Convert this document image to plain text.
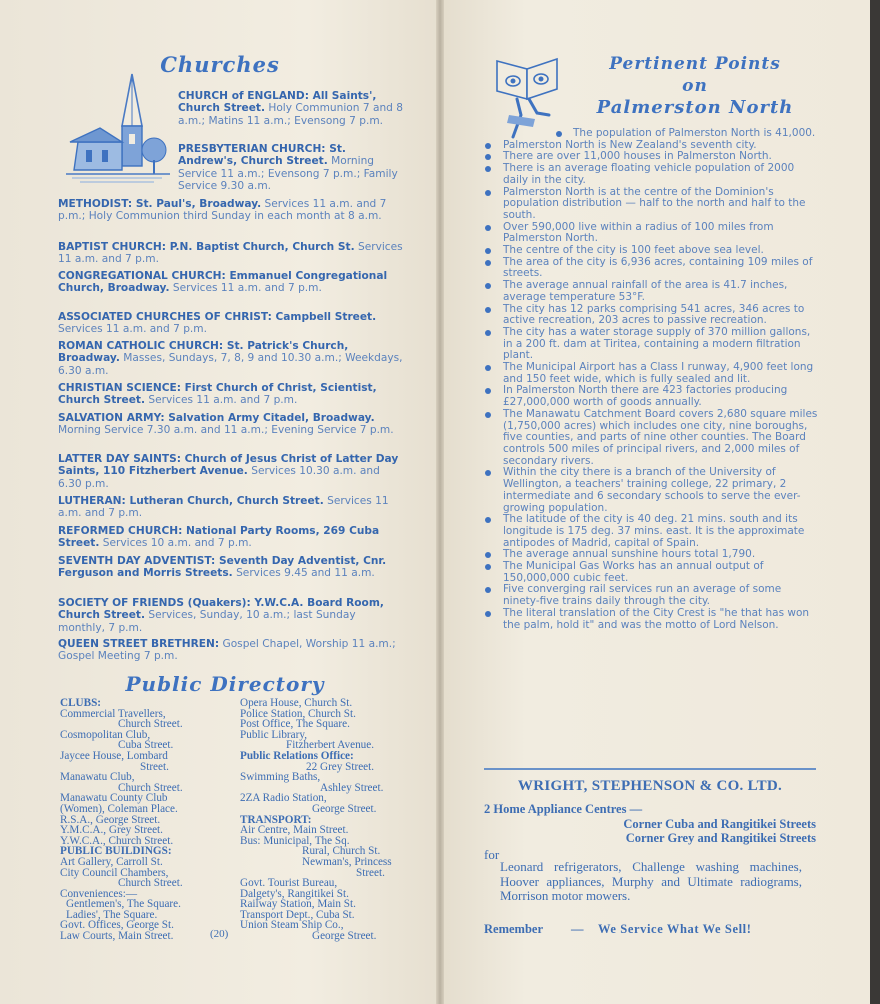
Churches
CHURCH of ENGLAND: All Saints', Church Street. Holy Communion 7 and 8 a.m.; Matins 11 a.m.; Evensong 7 p.m.
PRESBYTERIAN CHURCH: St. Andrew's, Church Street. Morning Service 11 a.m.; Evensong 7 p.m.; Family Service 9.30 a.m.
METHODIST: St. Paul's, Broadway. Services 11 a.m. and 7 p.m.; Holy Communion third Sunday in each month at 8 a.m.
BAPTIST CHURCH: P.N. Baptist Church, Church St. Services 11 a.m. and 7 p.m.
CONGREGATIONAL CHURCH: Emmanuel Congregational Church, Broadway. Services 11 a.m. and 7 p.m.
ASSOCIATED CHURCHES OF CHRIST: Campbell Street. Services 11 a.m. and 7 p.m.
ROMAN CATHOLIC CHURCH: St. Patrick's Church, Broadway. Masses, Sundays, 7, 8, 9 and 10.30 a.m.; Weekdays, 6.30 a.m.
CHRISTIAN SCIENCE: First Church of Christ, Scientist, Church Street. Services 11 a.m. and 7 p.m.
SALVATION ARMY: Salvation Army Citadel, Broadway. Morning Service 7.30 a.m. and 11 a.m.; Evening Service 7 p.m.
LATTER DAY SAINTS: Church of Jesus Christ of Latter Day Saints, 110 Fitzherbert Avenue. Services 10.30 a.m. and 6.30 p.m.
LUTHERAN: Lutheran Church, Church Street. Services 11 a.m. and 7 p.m.
REFORMED CHURCH: National Party Rooms, 269 Cuba Street. Services 10 a.m. and 7 p.m.
SEVENTH DAY ADVENTIST: Seventh Day Adventist, Cnr. Ferguson and Morris Streets. Services 9.45 and 11 a.m.
SOCIETY OF FRIENDS (Quakers): Y.W.C.A. Board Room, Church Street. Services, Sunday, 10 a.m.; last Sunday monthly, 7 p.m.
QUEEN STREET BRETHREN: Gospel Chapel, Worship 11 a.m.; Gospel Meeting 7 p.m.
Public Directory
CLUBS:
Commercial Travellers,

Church Street.
Cosmopolitan Club,

Cuba Street.
Jaycee House, Lombard

Street.
Manawatu Club,

Church Street.
Manawatu County Club
(Women), Coleman Place.
R.S.A., George Street.
Y.M.C.A., Grey Street.
Y.W.C.A., Church Street.
PUBLIC BUILDINGS:
Art Gallery, Carroll St.
City Council Chambers,

Church Street.
Conveniences:—
Gentlemen's, The Square.
Ladies', The Square.
Govt. Offices, George St.
Law Courts, Main Street.
Opera House, Church St.
Police Station, Church St.
Post Office, The Square.
Public Library,

Fitzherbert Avenue.
Public Relations Office:

22 Grey Street.
Swimming Baths,

Ashley Street.
2ZA Radio Station,

George Street.
TRANSPORT:
Air Centre, Main Street.
Bus: Municipal, The Sq.

Rural, Church St.
Newman's, Princess
Street.
Govt. Tourist Bureau,
Dalgety's, Rangitikei St.
Railway Station, Main St.
Transport Dept., Cuba St.
Union Steam Ship Co.,

George Street.
(20)
Pertinent Points
on
Palmerston North
The population of Palmerston North is 41,000.
Palmerston North is New Zealand's seventh city.
There are over 11,000 houses in Palmerston North.
There is an average floating vehicle population of 2000 daily in the city.
Palmerston North is at the centre of the Dominion's population distribution — half to the north and half to the south.
Over 590,000 live within a radius of 100 miles from Palmerston North.
The centre of the city is 100 feet above sea level.
The area of the city is 6,936 acres, containing 109 miles of streets.
The average annual rainfall of the area is 41.7 inches, average temperature 53°F.
The city has 12 parks comprising 541 acres, 346 acres to active recreation, 203 acres to passive recreation.
The city has a water storage supply of 370 million gallons, in a 200 ft. dam at Tiritea, containing a modern filtration plant.
The Municipal Airport has a Class I runway, 4,900 feet long and 150 feet wide, which is fully sealed and lit.
In Palmerston North there are 423 factories producing £27,000,000 worth of goods annually.
The Manawatu Catchment Board covers 2,680 square miles (1,750,000 acres) which includes one city, nine boroughs, five counties, and parts of nine other counties. The Board controls 500 miles of principal rivers, and 2,000 miles of secondary rivers.
Within the city there is a branch of the University of Wellington, a teachers' training college, 22 primary, 2 intermediate and 6 secondary schools to serve the ever-growing population.
The latitude of the city is 40 deg. 21 mins. south and its longitude is 175 deg. 37 mins. east. It is the approximate antipodes of Madrid, capital of Spain.
The average annual sunshine hours total 1,790.
The Municipal Gas Works has an annual output of 150,000,000 cubic feet.
Five converging rail services run an average of some ninety-five trains daily through the city.
The literal translation of the City Crest is "he that has won the palm, hold it" and was the motto of Lord Nelson.
WRIGHT, STEPHENSON & CO. LTD.
2 Home Appliance Centres —
Corner Cuba and Rangitikei Streets
Corner Grey and Rangitikei Streets
for
Leonard refrigerators, Challenge washing machines, Hoover appliances, Murphy and Ultimate radiograms, Morrison motor mowers.
Remember — We Service What We Sell!
